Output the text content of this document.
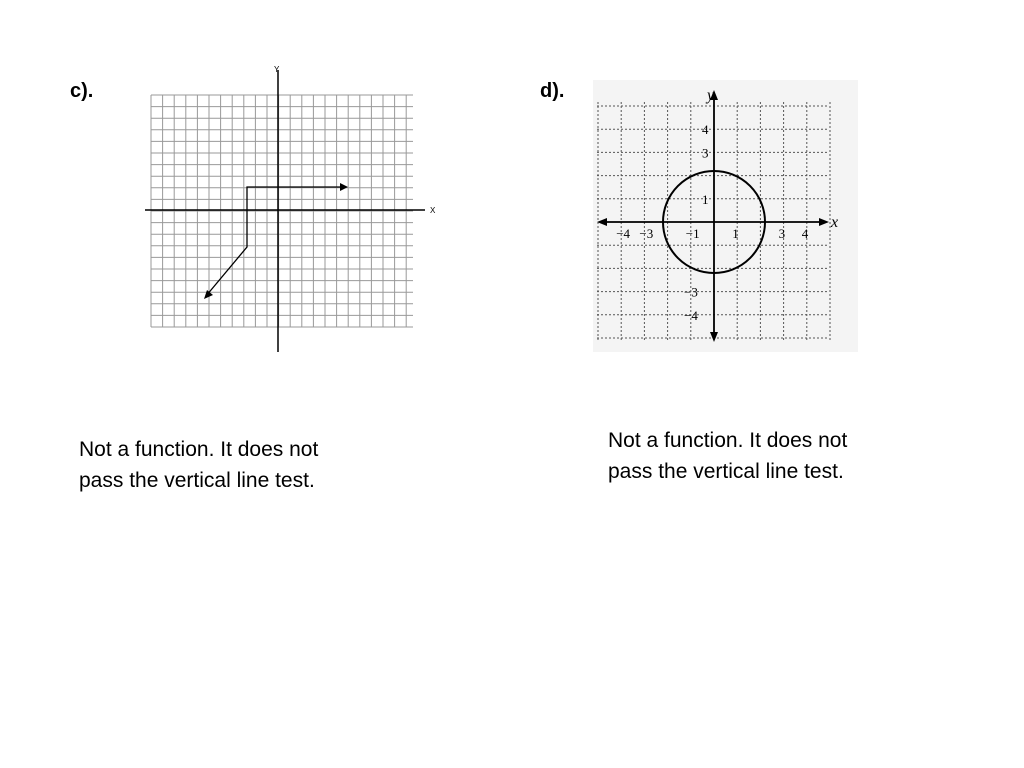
c).
X
Y
Not a function. It does not
pass the vertical line test.
d).
x
y
−4 −3	−1	1	3 4
4
3
1
−3
−4
Not a function. It does not
pass the vertical line test.
